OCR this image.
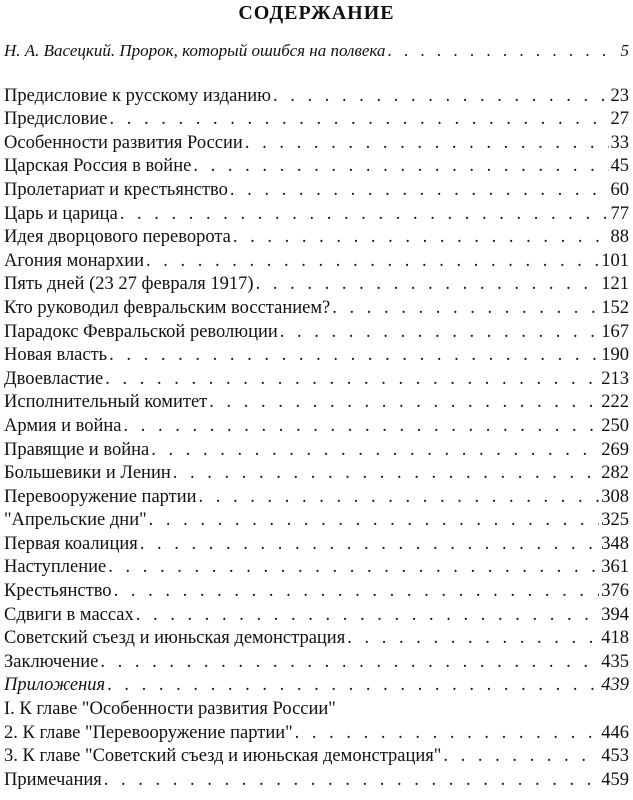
СОДЕРЖАНИЕ
Н. А. Васецкий. Пророк, который ошибся на полвека . . .	5
Предисловие к русскому изданию . . .	23
Предисловие . . .	27
Особенности развития России . . .	33
Царская Россия в войне . . .	45
Пролетариат и крестьянство . . .	60
Царь и царица . . .	77
Идея дворцового переворота . . .	88
Агония монархии . . .	101
Пять дней (23 27 февраля 1917) . . .	121
Кто руководил февральским восстанием? . . .	152
Парадокс Февральской революции . . .	167
Новая власть . . .	190
Двоевластие . . .	213
Исполнительный комитет . . .	222
Армия и война . . .	250
Правящие и война . . .	269
Большевики и Ленин . . .	282
Перевооружение партии . . .	308
"Апрельские дни" . . .	325
Первая коалиция . . .	348
Наступление . . .	361
Крестьянство . . .	376
Сдвиги в массах . . .	394
Советский съезд и июньская демонстрация . . .	418
Заключение . . .	435
Приложения . . .	439
I. К главе "Особенности развития России"
2. К главе "Перевооружение партии" . . .	446
3. К главе "Советский съезд и июньская демонстрация" . . .	453
Примечания . . .	459
